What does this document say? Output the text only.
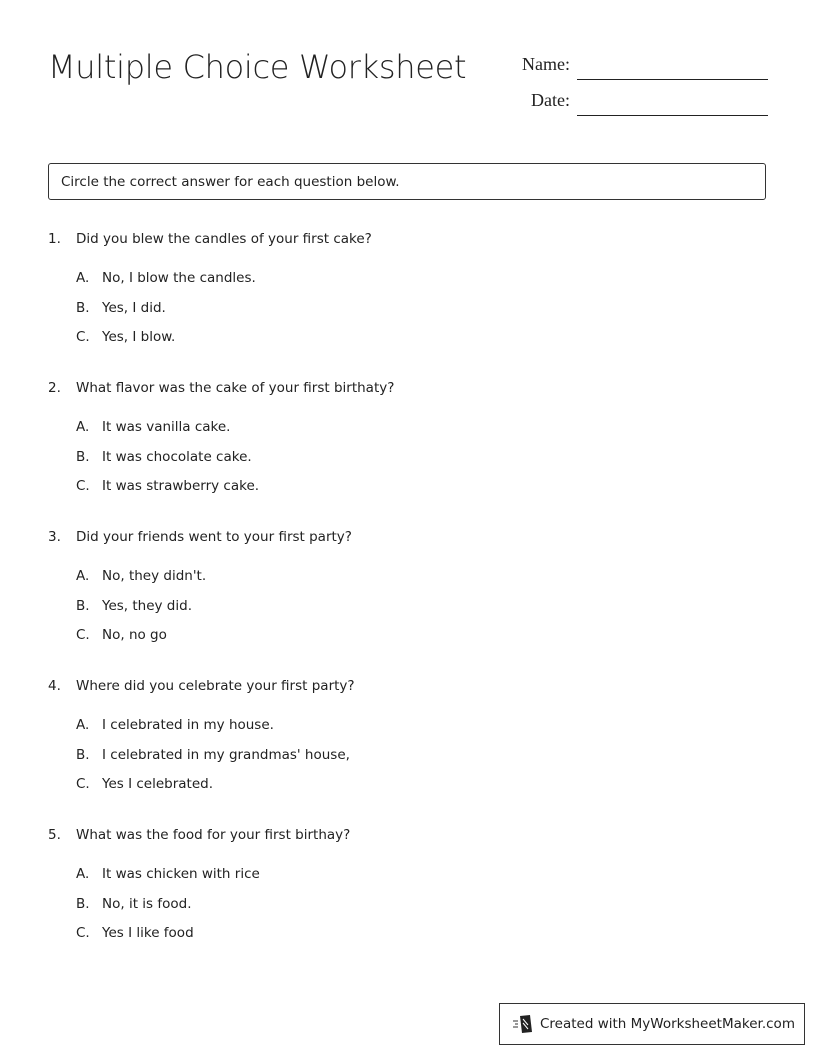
Multiple Choice Worksheet	Name:
Date:
Circle the correct answer for each question below.
1. Did you blew the candles of your first cake?
A. No, I blow the candles.
B. Yes, I did.
C. Yes, I blow.
2. What flavor was the cake of your first birthaty?
A. It was vanilla cake.
B. It was chocolate cake.
C. It was strawberry cake.
3. Did your friends went to your first party?
A. No, they didn't.
B. Yes, they did.
C. No, no go
4. Where did you celebrate your first party?
A. I celebrated in my house.
B. I celebrated in my grandmas' house,
C. Yes I celebrated.
5. What was the food for your first birthay?
A. It was chicken with rice
B. No, it is food.
C. Yes I like food
Created with MyWorksheetMaker.com
